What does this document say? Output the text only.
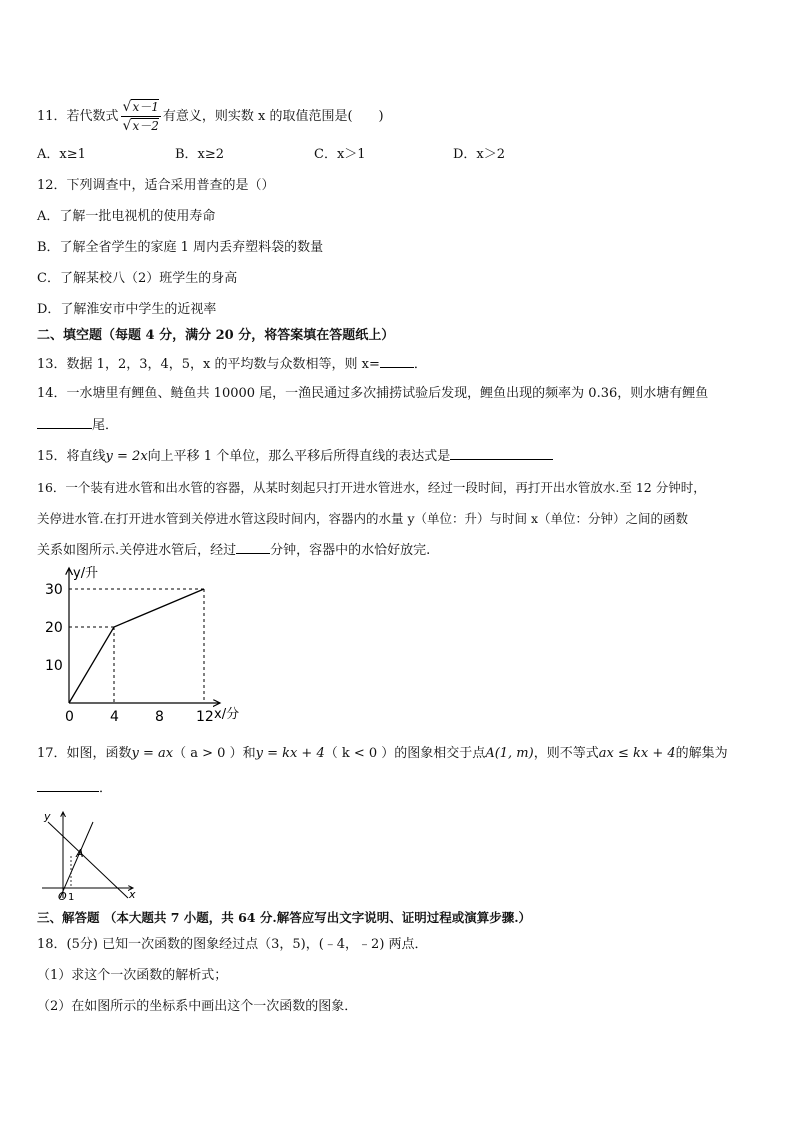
11．若代数式 $\frac{√x-1}{√x-2}$ 有意义，则实数 x 的取值范围是(　　)
A．x≥1	B．x≥2	C．x＞1	D．x＞2
12．下列调查中，适合采用普查的是（）
A．了解一批电视机的使用寿命
B．了解全省学生的家庭 1 周内丢弃塑料袋的数量
C．了解某校八（2）班学生的身高
D．了解淮安市中学生的近视率
二、填空题（每题 4 分，满分 20 分，将答案填在答题纸上）
13．数据 1，2，3，4，5，x 的平均数与众数相等，则 x=	．
14．一水塘里有鲤鱼、鲢鱼共 10000 尾，一渔民通过多次捕捞试验后发现，鲤鱼出现的频率为 0.36，则水塘有鲤鱼
尾．
15．将直线y = 2x向上平移 1 个单位，那么平移后所得直线的表达式是
16．一个装有进水管和出水管的容器，从某时刻起只打开进水管进水，经过一段时间，再打开出水管放水.至 12 分钟时，
关停进水管.在打开进水管到关停进水管这段时间内，容器内的水量 y（单位：升）与时间 x（单位：分钟）之间的函数
关系如图所示.关停进水管后，经过	分钟，容器中的水恰好放完.
0	4	8 12
10
20
30
y/升
x/分
17．如图，函数y = ax（ a > 0 ）和y = kx + 4（ k < 0 ）的图象相交于点A(1, m)，则不等式ax ≤ kx + 4的解集为
．
y
x
A
O 1
三、解答题 （本大题共 7 小题，共 64 分.解答应写出文字说明、证明过程或演算步骤.）
18．(5分) 已知一次函数的图象经过点（3，5)，(﹣4，﹣2) 两点．
（1）求这个一次函数的解析式；
（2）在如图所示的坐标系中画出这个一次函数的图象．
